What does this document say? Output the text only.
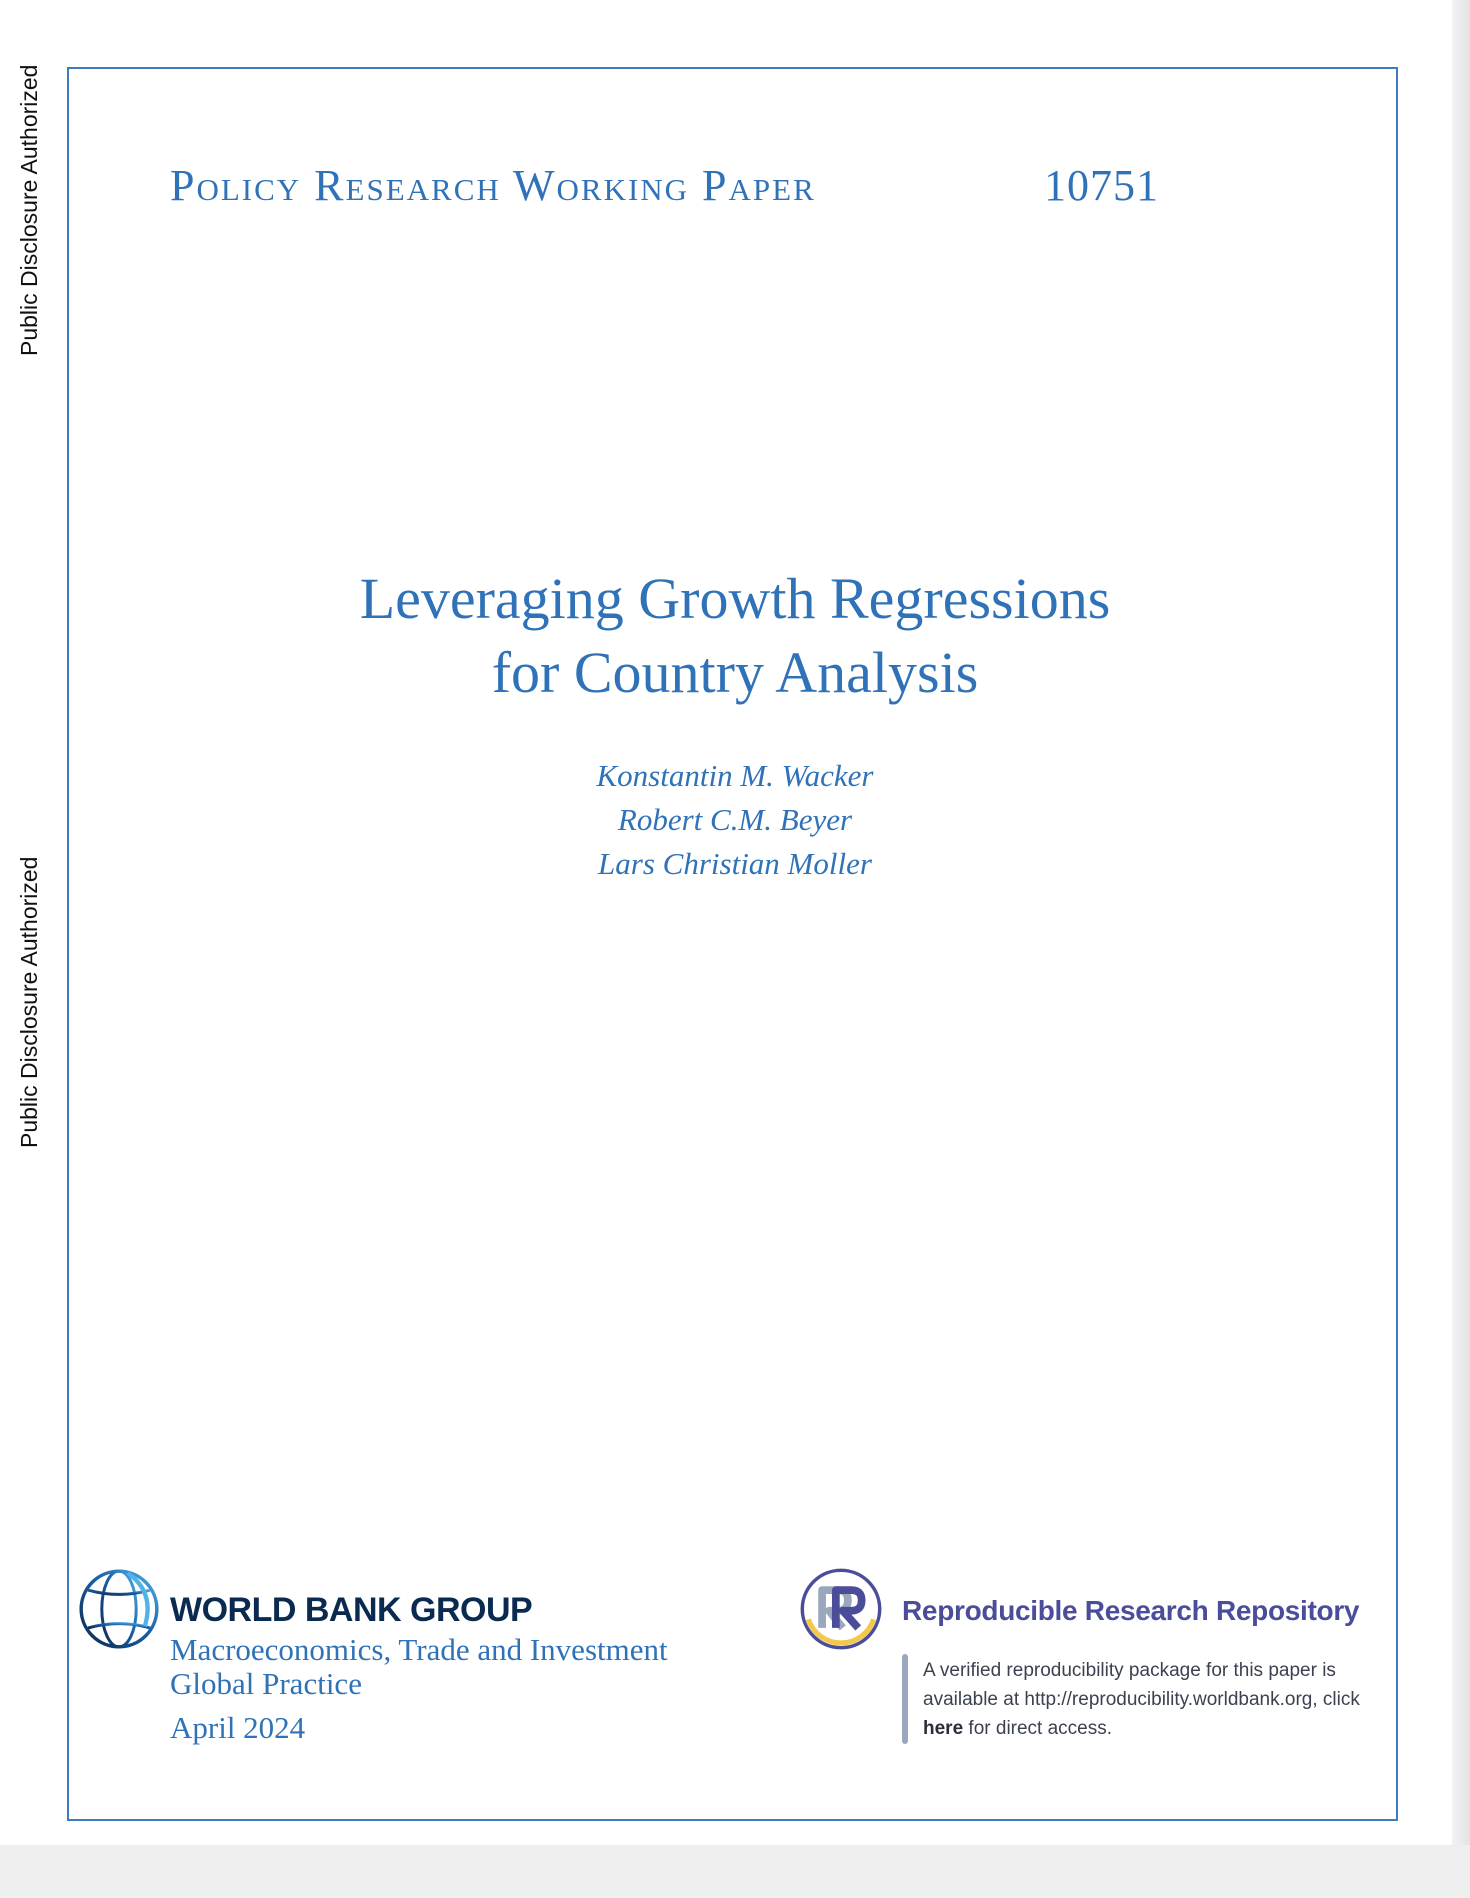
Public Disclosure Authorized
Public Disclosure Authorized
Policy Research Working Paper	10751
Leveraging Growth Regressions
for Country Analysis
Konstantin M. Wacker
Robert C.M. Beyer
Lars Christian Moller
WORLD BANK GROUP
Macroeconomics, Trade and Investment
Global Practice
April 2024
Reproducible Research Repository
A verified reproducibility package for this paper is available at http://reproducibility.worldbank.org, click here for direct access.
